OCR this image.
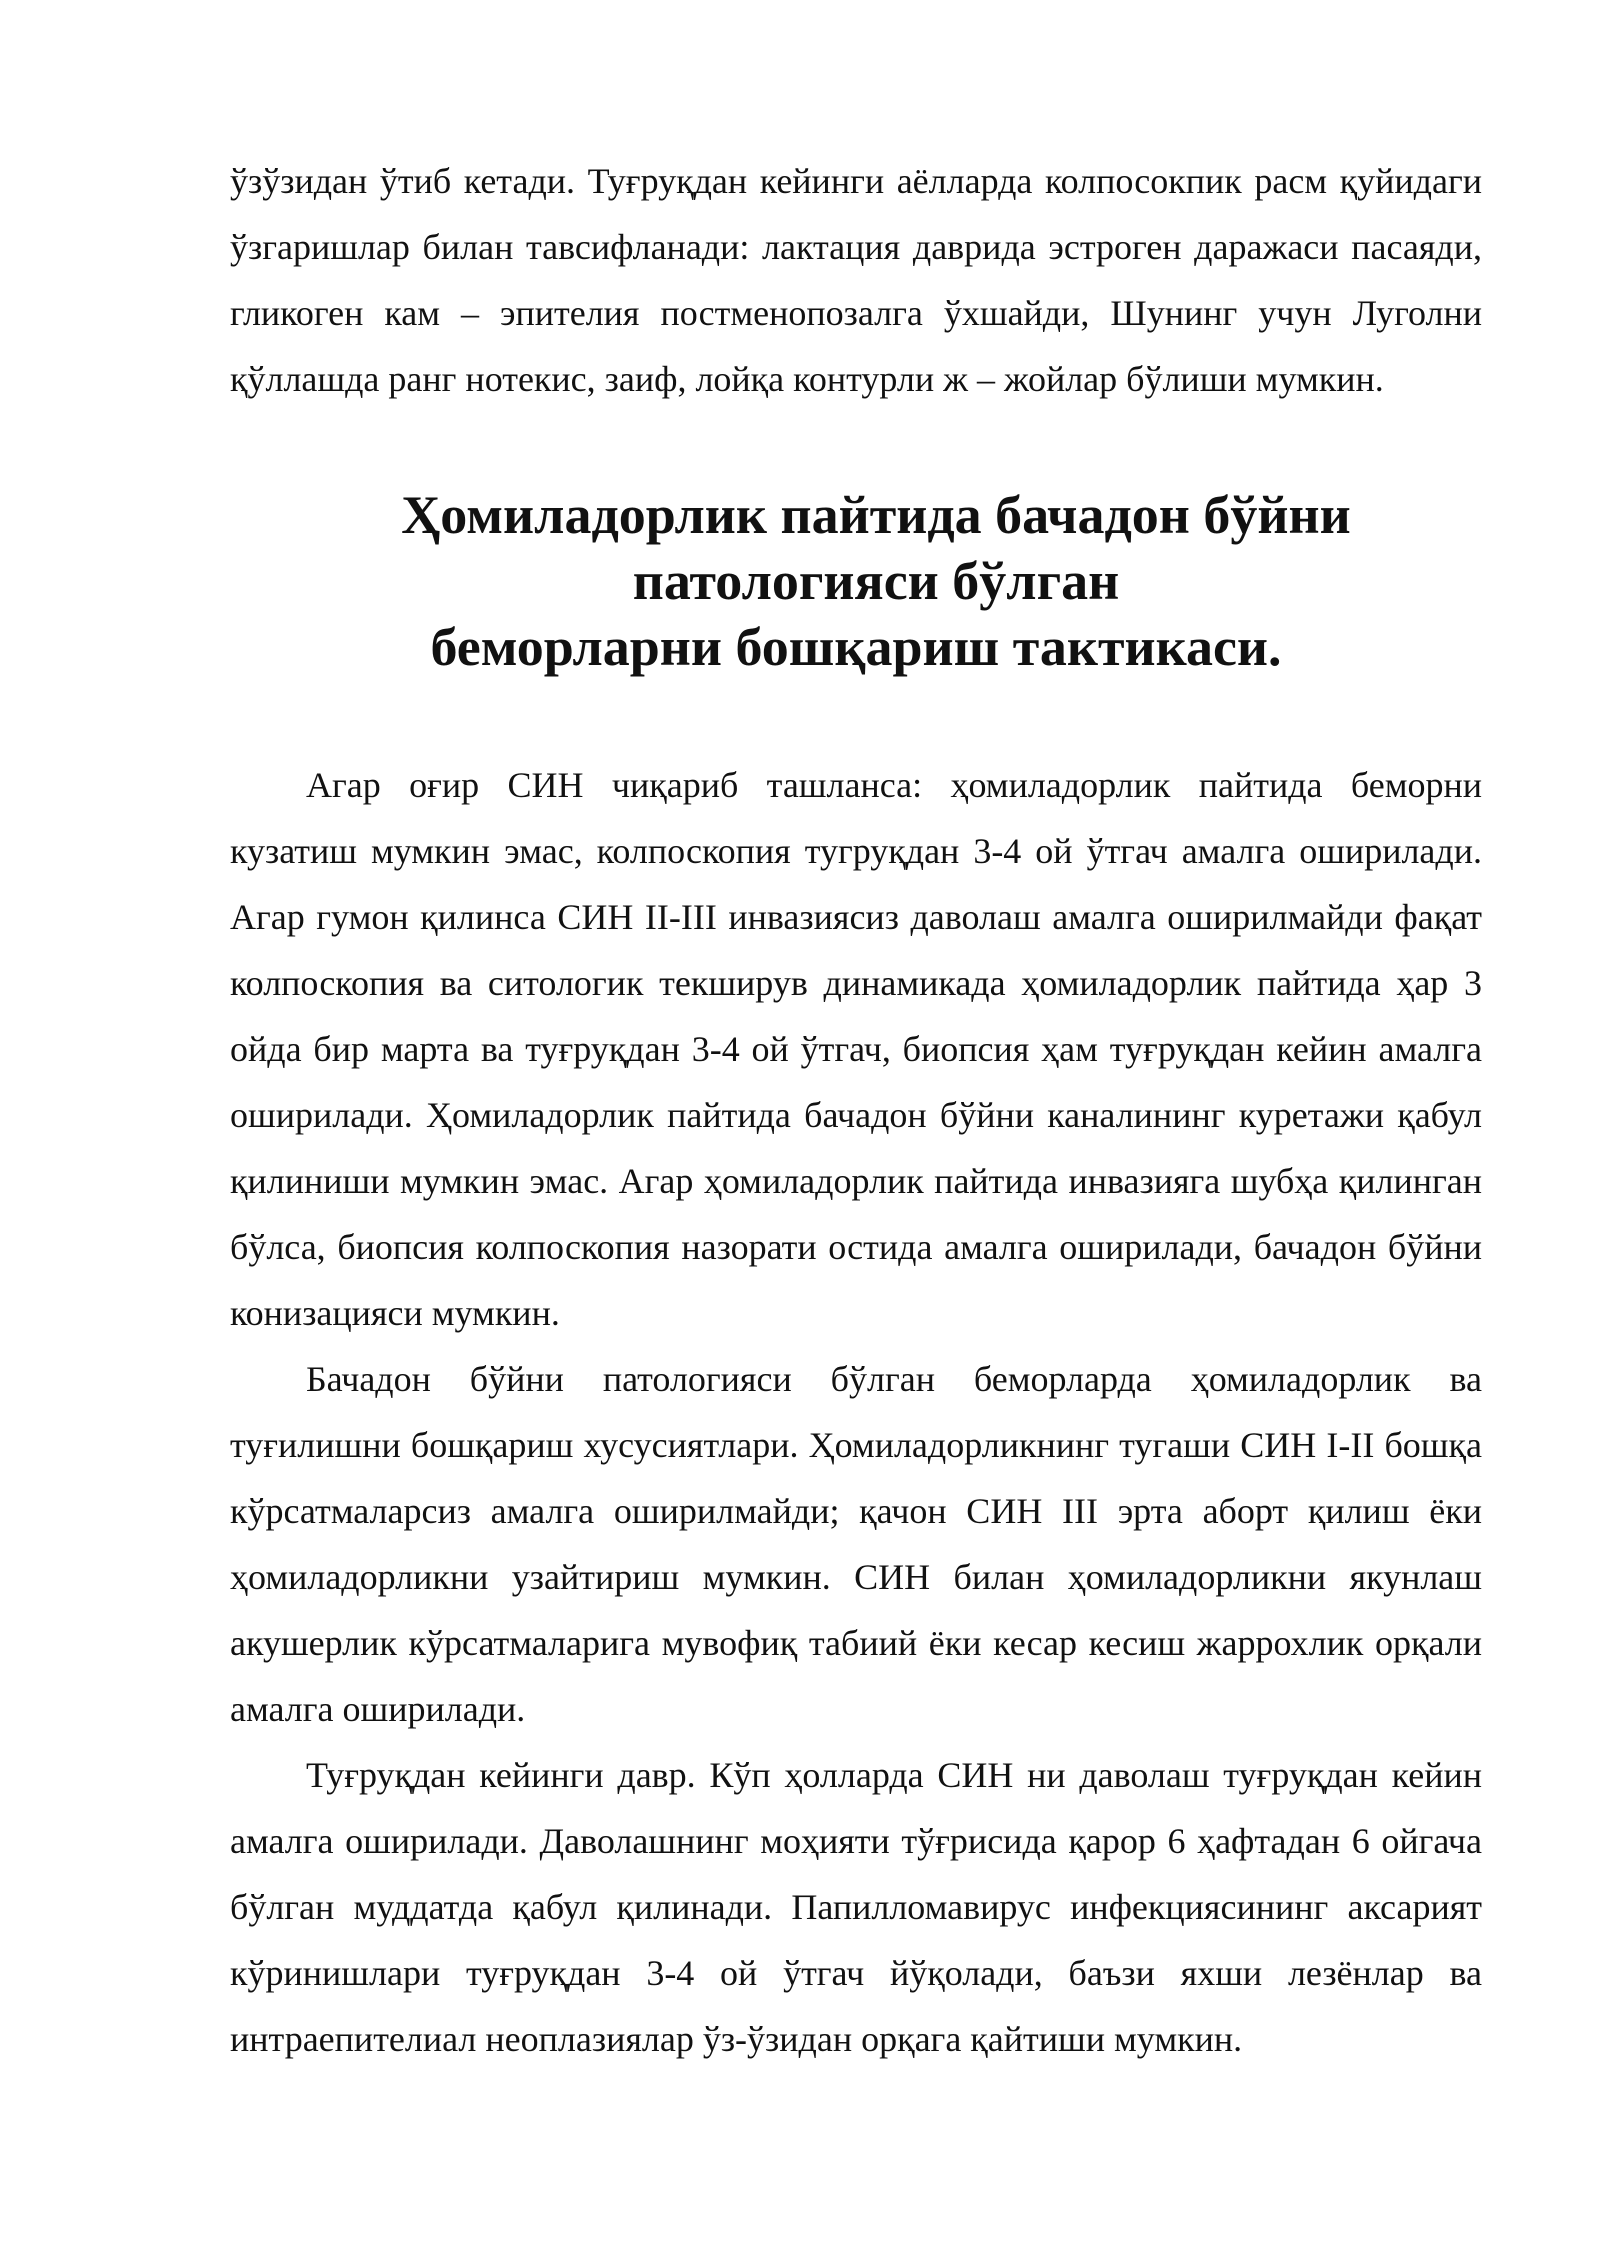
ўзўзидан ўтиб кетади. Туғруқдан кейинги аёлларда колпосокпик расм қуйидаги ўзгаришлар билан тавсифланади: лактация даврида эстроген даражаси пасаяди, гликоген кам – эпителия постменопозалга ўхшайди, Шунинг учун Луголни қўллашда ранг нотекис, заиф, лойқа контурли ж – жойлар бўлиши мумкин.

Ҳомиладорлик пайтида бачадон бўйни патологияси бўлган
беморларни бошқариш тактикаси.

Агар оғир СИН чиқариб ташланса: ҳомиладорлик пайтида беморни кузатиш мумкин эмас, колпоскопия тугруқдан 3-4 ой ўтгач амалга оширилади. Агар гумон қилинса СИН II-III инвазиясиз даволаш амалга оширилмайди фақат колпоскопия ва ситологик текширув динамикада ҳомиладорлик пайтида ҳар 3 ойда бир марта ва туғруқдан 3-4 ой ўтгач, биопсия ҳам туғруқдан кейин амалга оширилади. Ҳомиладорлик пайтида бачадон бўйни каналининг куретажи қабул қилиниши мумкин эмас. Агар ҳомиладорлик пайтида инвазияга шубҳа қилинган бўлса, биопсия колпоскопия назорати остида амалга оширилади, бачадон бўйни конизацияси мумкин.

Бачадон бўйни патологияси бўлган беморларда ҳомиладорлик ва туғилишни бошқариш хусусиятлари. Ҳомиладорликнинг тугаши СИН I-II бошқа кўрсатмаларсиз амалга оширилмайди; қачон СИН III эрта аборт қилиш ёки ҳомиладорликни узайтириш мумкин. СИН билан ҳомиладорликни якунлаш акушерлик кўрсатмаларига мувофиқ табиий ёки кесар кесиш жаррохлик орқали амалга оширилади.

Туғруқдан кейинги давр. Кўп ҳолларда СИН ни даволаш туғруқдан кейин амалга оширилади. Даволашнинг моҳияти тўғрисида қарор 6 ҳафтадан 6 ойгача бўлган муддатда қабул қилинади. Папилломавирус инфекциясининг аксарият кўринишлари туғруқдан 3-4 ой ўтгач йўқолади, баъзи яхши лезёнлар ва интраепителиал неоплазиялар ўз-ўзидан орқага қайтиши мумкин.
